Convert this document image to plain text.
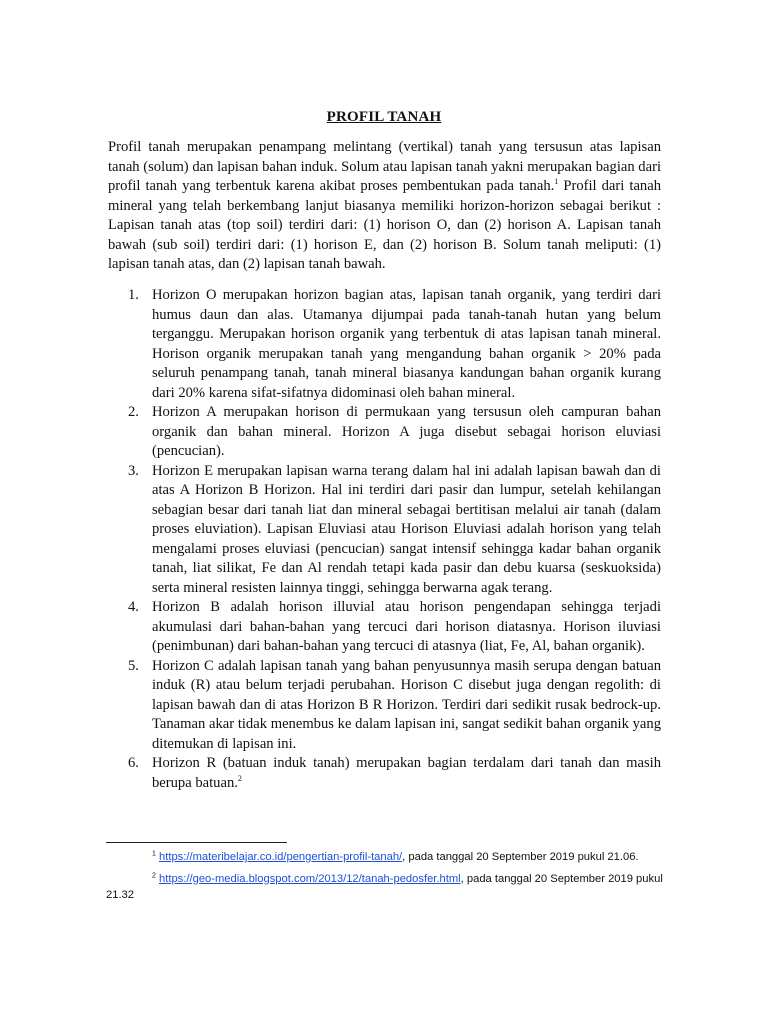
PROFIL TANAH

Profil tanah merupakan penampang melintang (vertikal) tanah yang tersusun atas lapisan tanah (solum) dan lapisan bahan induk. Solum atau lapisan tanah yakni merupakan bagian dari profil tanah yang terbentuk karena akibat proses pembentukan pada tanah.$^1$ Profil dari tanah mineral yang telah berkembang lanjut biasanya memiliki horizon-horizon sebagai berikut : Lapisan tanah atas (top soil) terdiri dari: (1) horison O, dan (2) horison A. Lapisan tanah bawah (sub soil) terdiri dari: (1) horison E, dan (2) horison B. Solum tanah meliputi: (1) lapisan tanah atas, dan (2) lapisan tanah bawah.

1. Horizon O merupakan horizon bagian atas, lapisan tanah organik, yang terdiri dari humus daun dan alas. Utamanya dijumpai pada tanah-tanah hutan yang belum terganggu. Merupakan horison organik yang terbentuk di atas lapisan tanah mineral. Horison organik merupakan tanah yang mengandung bahan organik > 20% pada seluruh penampang tanah, tanah mineral biasanya kandungan bahan organik kurang dari 20% karena sifat-sifatnya didominasi oleh bahan mineral.
2. Horizon A merupakan horison di permukaan yang tersusun oleh campuran bahan organik dan bahan mineral. Horizon A juga disebut sebagai horison eluviasi (pencucian).
3. Horizon E merupakan lapisan warna terang dalam hal ini adalah lapisan bawah dan di atas A Horizon B Horizon. Hal ini terdiri dari pasir dan lumpur, setelah kehilangan sebagian besar dari tanah liat dan mineral sebagai bertitisan melalui air tanah (dalam proses eluviation). Lapisan Eluviasi atau Horison Eluviasi adalah horison yang telah mengalami proses eluviasi (pencucian) sangat intensif sehingga kadar bahan organik tanah, liat silikat, Fe dan Al rendah tetapi kada pasir dan debu kuarsa (seskuoksida) serta mineral resisten lainnya tinggi, sehingga berwarna agak terang.
4. Horizon B adalah horison illuvial atau horison pengendapan sehingga terjadi akumulasi dari bahan-bahan yang tercuci dari horison diatasnya. Horison iluviasi (penimbunan) dari bahan-bahan yang tercuci di atasnya (liat, Fe, Al, bahan organik).
5. Horizon C adalah lapisan tanah yang bahan penyusunnya masih serupa dengan batuan induk (R) atau belum terjadi perubahan. Horison C disebut juga dengan regolith: di lapisan bawah dan di atas Horizon B R Horizon. Terdiri dari sedikit rusak bedrock-up. Tanaman akar tidak menembus ke dalam lapisan ini, sangat sedikit bahan organik yang ditemukan di lapisan ini.
6. Horizon R (batuan induk tanah) merupakan bagian terdalam dari tanah dan masih berupa batuan.$^2$

$^1$ https://materibelajar.co.id/pengertian-profil-tanah/, pada tanggal 20 September 2019 pukul 21.06.

$^2$ https://geo-media.blogspot.com/2013/12/tanah-pedosfer.html, pada tanggal 20 September 2019 pukul 21.32
